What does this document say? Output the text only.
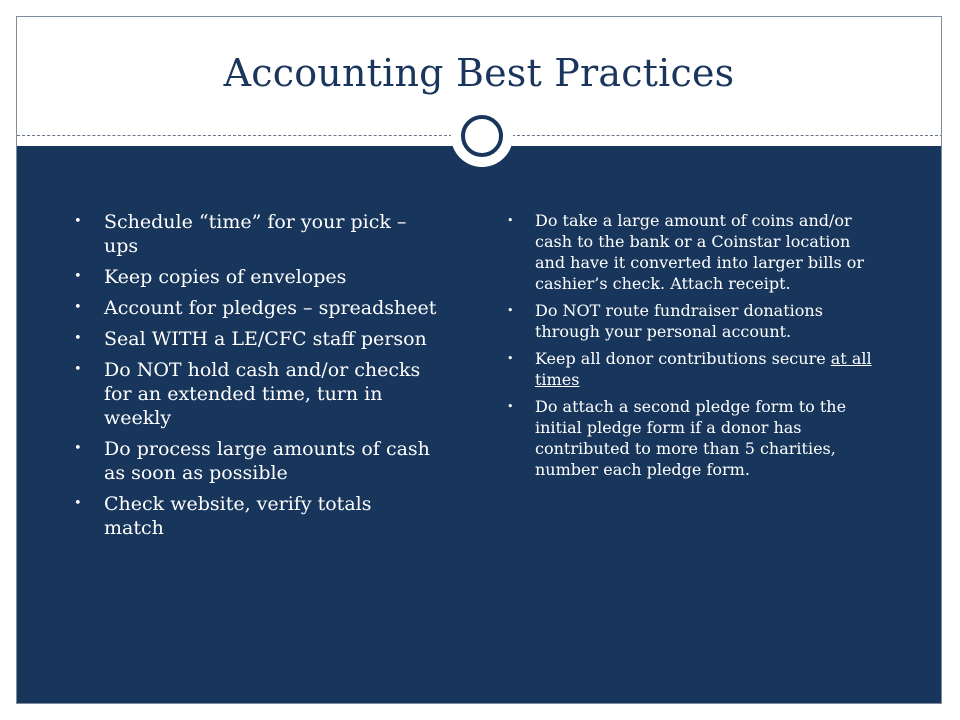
Accounting Best Practices
• Schedule “time” for your pick – ups
• Keep copies of envelopes
• Account for pledges – spreadsheet
• Seal WITH a LE/CFC staff person
• Do NOT hold cash and/or checks for an extended time, turn in weekly
• Do process large amounts of cash as soon as possible
• Check website, verify totals match
• Do take a large amount of coins and/or cash to the bank or a Coinstar location and have it converted into larger bills or cashier’s check. Attach receipt.
• Do NOT route fundraiser donations through your personal account.
• Keep all donor contributions secure at all times
• Do attach a second pledge form to the initial pledge form if a donor has contributed to more than 5 charities, number each pledge form.
